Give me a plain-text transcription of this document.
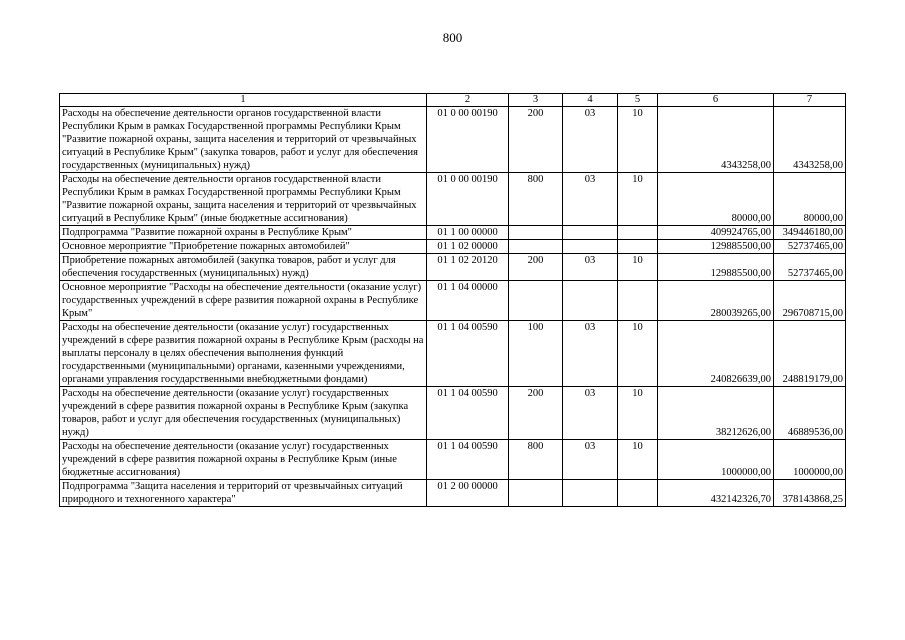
800
1	2	3	4	5	6	7
Расходы на обеспечение деятельности органов государственной власти Республики Крым в рамках Государственной программы Республики Крым "Развитие пожарной охраны, защита населения и территорий от чрезвычайных ситуаций в Республике Крым" (закупка товаров, работ и услуг для обеспечения государственных (муниципальных) нужд)	01 0 00 00190	200	03	10	4343258,00	4343258,00
Расходы на обеспечение деятельности органов государственной власти Республики Крым в рамках Государственной программы Республики Крым "Развитие пожарной охраны, защита населения и территорий от чрезвычайных ситуаций в Республике Крым" (иные бюджетные ассигнования)	01 0 00 00190	800	03	10	80000,00	80000,00
Подпрограмма "Развитие пожарной охраны в Республике Крым"	01 1 00 00000				409924765,00	349446180,00
Основное мероприятие "Приобретение пожарных автомобилей"	01 1 02 00000				129885500,00	52737465,00
Приобретение пожарных автомобилей (закупка товаров, работ и услуг для обеспечения государственных (муниципальных) нужд)	01 1 02 20120	200	03	10	129885500,00	52737465,00
Основное мероприятие "Расходы на обеспечение деятельности (оказание услуг) государственных учреждений в сфере развития пожарной охраны в Республике Крым"	01 1 04 00000				280039265,00	296708715,00
Расходы на обеспечение деятельности (оказание услуг) государственных учреждений в сфере развития пожарной охраны в Республике Крым (расходы на выплаты персоналу в целях обеспечения выполнения функций государственными (муниципальными) органами, казенными учреждениями, органами управления государственными внебюджетными фондами)	01 1 04 00590	100	03	10	240826639,00	248819179,00
Расходы на обеспечение деятельности (оказание услуг) государственных учреждений в сфере развития пожарной охраны в Республике Крым (закупка товаров, работ и услуг для обеспечения государственных (муниципальных) нужд)	01 1 04 00590	200	03	10	38212626,00	46889536,00
Расходы на обеспечение деятельности (оказание услуг) государственных учреждений в сфере развития пожарной охраны в Республике Крым (иные бюджетные ассигнования)	01 1 04 00590	800	03	10	1000000,00	1000000,00
Подпрограмма "Защита населения и территорий от чрезвычайных ситуаций природного и техногенного характера"	01 2 00 00000				432142326,70	378143868,25
